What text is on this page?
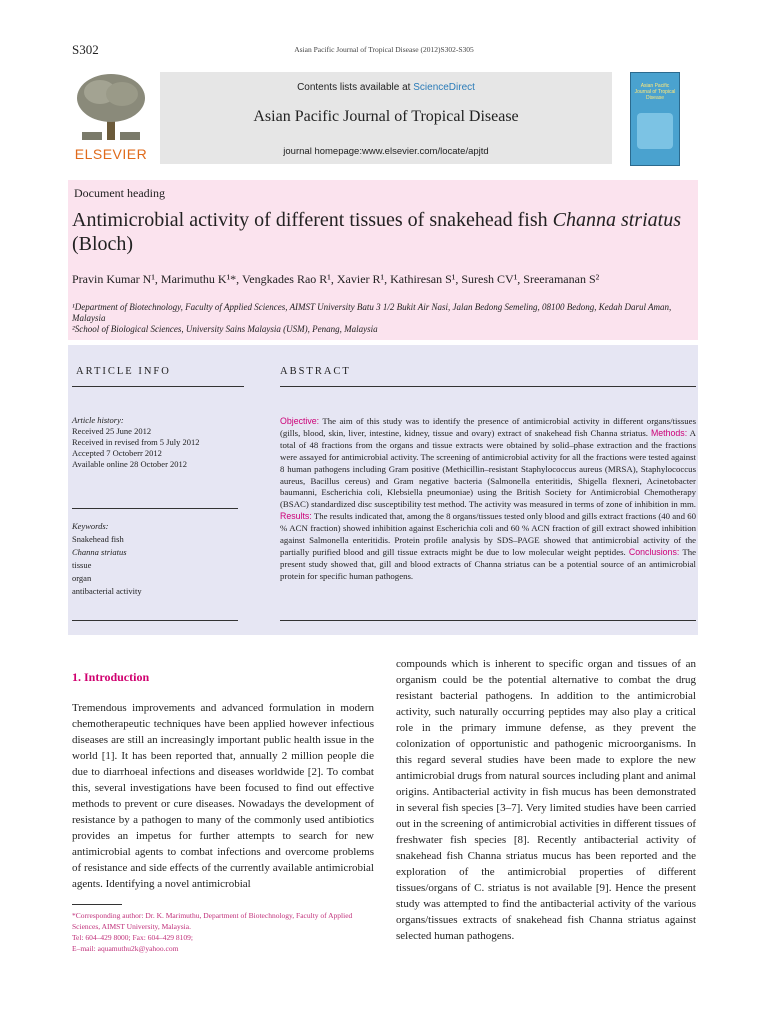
S302	Asian Pacific Journal of Tropical Disease (2012)S302-S305
ELSEVIER
Contents lists available at ScienceDirect
Asian Pacific Journal of Tropical Disease
journal homepage:www.elsevier.com/locate/apjtd
Asian Pacific Journal of Tropical Disease
Document heading
Antimicrobial activity of different tissues of snakehead fish Channa striatus (Bloch)
Pravin Kumar N¹, Marimuthu K¹*, Vengkades Rao R¹, Xavier R¹, Kathiresan S¹, Suresh CV¹, Sreeramanan S²
¹Department of Biotechnology, Faculty of Applied Sciences, AIMST University Batu 3 1/2 Bukit Air Nasi, Jalan Bedong Semeling, 08100 Bedong, Kedah Darul Aman, Malaysia
²School of Biological Sciences, University Sains Malaysia (USM), Penang, Malaysia
ARTICLE INFO	ABSTRACT
Article history:
Received 25 June 2012
Received in revised from 5 July 2012
Accepted 7 Octoberr 2012
Available online 28 October 2012
Keywords:
Snakehead fish
Channa striatus
tissue
organ
antibacterial activity
Objective: The aim of this study was to identify the presence of antimicrobial activity in different organs/tissues (gills, blood, skin, liver, intestine, kidney, tissue and ovary) extract of snakehead fish Channa striatus. Methods: A total of 48 fractions from the organs and tissue extracts were obtained by solid–phase extraction and the fractions were assayed for antimicrobial activity. The screening of antimicrobial activity for all the fractions were tested against 8 human pathogens including Gram positive (Methicillin–resistant Staphylococcus aureus (MRSA), Staphylococcus aureus, Bacillus cereus) and Gram negative bacteria (Salmonella enteritidis, Shigella flexneri, Acinetobacter baumanni, Escherichia coli, Klebsiella pneumoniae) using the British Society for Antimicrobial Chemotherapy (BSAC) standardized disc susceptibility test method. The activity was measured in terms of zone of inhibition in mm. Results: The results indicated that, among the 8 organs/tissues tested only blood and gills extract fractions (40 and 60 % ACN fraction) showed inhibition against Escherichia coli and 60 % ACN fraction of gill extract showed inhibition against Salmonella enteritidis. Protein profile analysis by SDS–PAGE showed that antimicrobial activity of the partially purified blood and gill tissue extracts might be due to low molecular weight peptides. Conclusions: The present study showed that, gill and blood extracts of Channa striatus can be a potential source of an antimicrobial protein for specific human pathogens.
1. Introduction
Tremendous improvements and advanced formulation in modern chemotherapeutic techniques have been applied however infectious diseases are still an increasingly important public health issue in the world [1]. It has been reported that, annually 2 million people die due to diarrhoeal infections and diseases worldwide [2]. To combat this, several investigations have been focused to find out effective methods to prevent or cure diseases. Nowadays the development of resistance by a pathogen to many of the commonly used antibiotics provides an impetus for further attempts to search for new antimicrobial agents to combat infections and overcome problems of resistance and side effects of the currently available antimicrobial agents. Identifying a novel antimicrobial
compounds which is inherent to specific organ and tissues of an organism could be the potential alternative to combat the drug resistant bacterial pathogens. In addition to the antimicrobial activity, such naturally occurring peptides may also play a critical role in the primary immune defense, as they prevent the colonization of opportunistic and pathogenic microorganisms. In this regard several studies have been made to explore the new antimicrobial drugs from natural sources including plant and animal origins. Antibacterial activity in fish mucus has been demonstrated in several fish species [3–7]. Very limited studies have been carried out in the screening of antimicrobial activities in different tissues of freshwater fish species [8]. Recently antibacterial activity of snakehead fish Channa striatus mucus has been reported and the exploration of the antimicrobial properties of different tissues/organs of C. striatus is not available [9]. Hence the present study was attempted to find the antibacterial activity of the various organs/tissues extracts of snakehead fish Channa striatus against selected human pathogens.
*Corresponding author: Dr. K. Marimuthu, Department of Biotechnology, Faculty of Applied Sciences, AIMST University, Malaysia.
Tel: 604–429 8000; Fax: 604–429 8109;
E–mail: aquamuthu2k@yahoo.com
